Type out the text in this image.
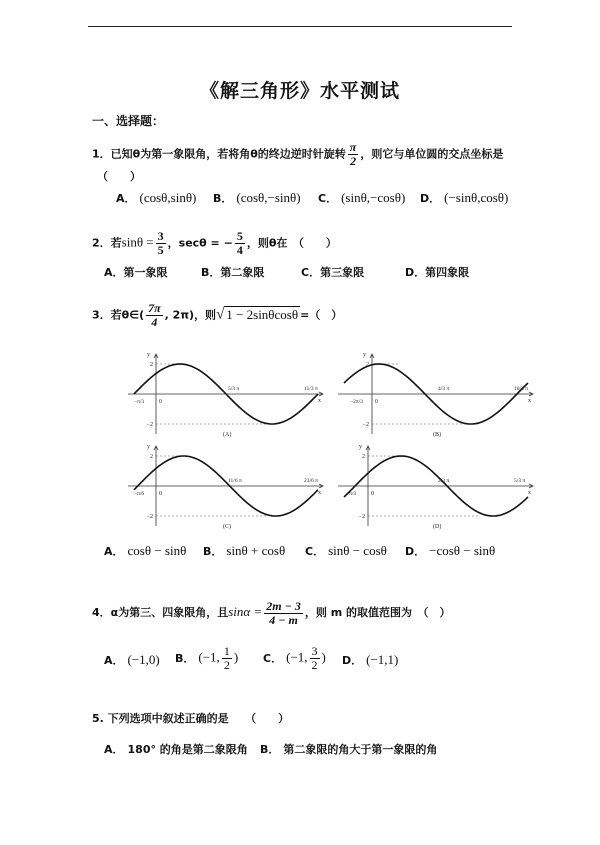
《解三角形》水平测试
一、选择题：
1．已知θ为第一象限角，若将角θ的终边逆时针旋转 $\frac{\pi}{2}$ ，则它与单位圆的交点坐标是
（　　）
A． (cosθ,sinθ) B． (cosθ,−sinθ) C． (sinθ,−cosθ) D． (−sinθ,cosθ)
2．若$\sin\theta = \frac{3}{5}$ ，secθ = − $\frac{5}{4}$ ，则θ在　（　　）
A．第一象限	B．第二象限	C．第三象限	D．第四象限
3．若θ∈( $\frac{7\pi}{4}$ , 2π)，则√ 1 − 2sinθcosθ =（　）
y
x
0
2
−2
−π/3
5/3 π	11/3 π
(A)
y
x
0
2
−2
−2π/3
4/3 π	10/3 π
(B)
y
x
0
2
−2
−π/6
11/6 π	23/6 π
(C)
y
x
0
2
−2
−π/3
2/3 π	5/3 π
(D)
A． cosθ − sinθ B． sinθ + cosθ C． sinθ − cosθ D． −cosθ − sinθ
4．α为第三、四象限角，且$\sin\alpha = \frac{2m - 3}{4 - m}$ ，则 m 的取值范围为　（　）
A． (−1,0) B． (−1, $\frac{1}{2}$ ) C． (−1, $\frac{3}{2}$ ) D． (−1,1)
5. 下列选项中叙述正确的是　　（　　）
A． 180° 的角是第二象限角 B． 第二象限的角大于第一象限的角
